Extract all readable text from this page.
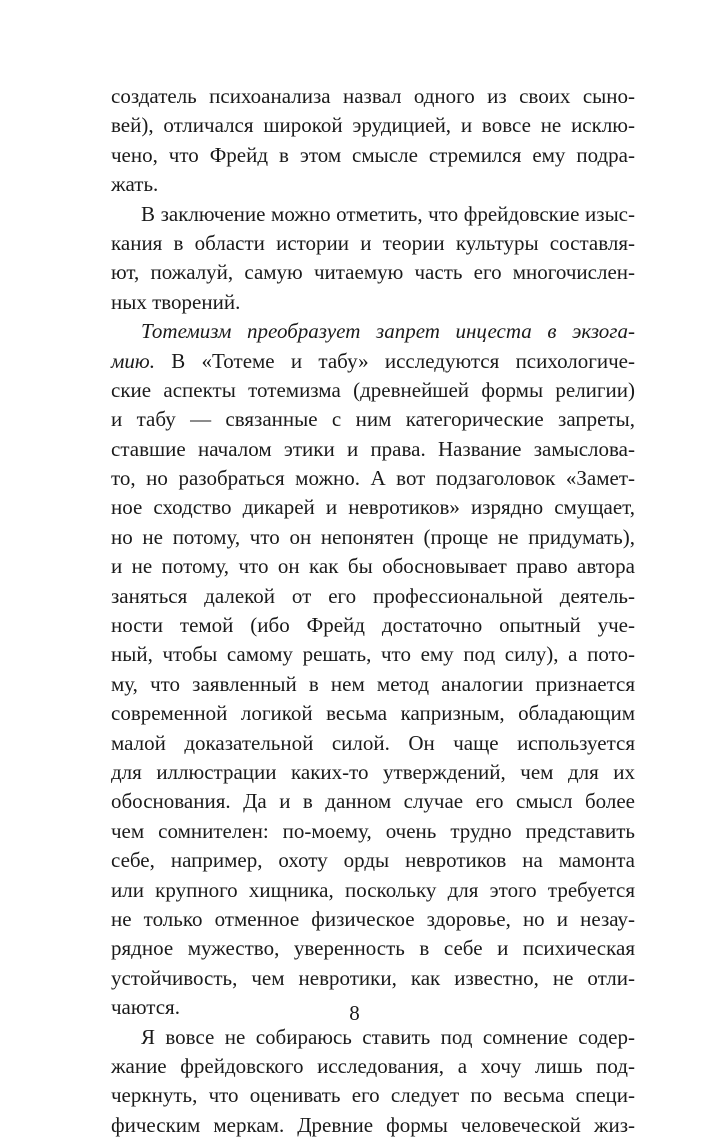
создатель психоанализа назвал одного из своих сыно-
вей), отличался широкой эрудицией, и вовсе не исклю-
чено, что Фрейд в этом смысле стремился ему подра-
жать.
В заключение можно отметить, что фрейдовские изыс-
кания в области истории и теории культуры составля-
ют, пожалуй, самую читаемую часть его многочислен-
ных творений.
Тотемизм преобразует запрет инцеста в экзога-
мию. В «Тотеме и табу» исследуются психологиче-
ские аспекты тотемизма (древнейшей формы религии)
и табу — связанные с ним категорические запреты,
ставшие началом этики и права. Название замыслова-
то, но разобраться можно. А вот подзаголовок «Замет-
ное сходство дикарей и невротиков» изрядно смущает,
но не потому, что он непонятен (проще не придумать),
и не потому, что он как бы обосновывает право автора
заняться далекой от его профессиональной деятель-
ности темой (ибо Фрейд достаточно опытный уче-
ный, чтобы самому решать, что ему под силу), а пото-
му, что заявленный в нем метод аналогии признается
современной логикой весьма капризным, обладающим
малой доказательной силой. Он чаще используется
для иллюстрации каких-то утверждений, чем для их
обоснования. Да и в данном случае его смысл более
чем сомнителен: по-моему, очень трудно представить
себе, например, охоту орды невротиков на мамонта
или крупного хищника, поскольку для этого требуется
не только отменное физическое здоровье, но и незау-
рядное мужество, уверенность в себе и психическая
устойчивость, чем невротики, как известно, не отли-
чаются.
Я вовсе не собираюсь ставить под сомнение содер-
жание фрейдовского исследования, а хочу лишь под-
черкнуть, что оценивать его следует по весьма специ-
фическим меркам. Древние формы человеческой жиз-
8
